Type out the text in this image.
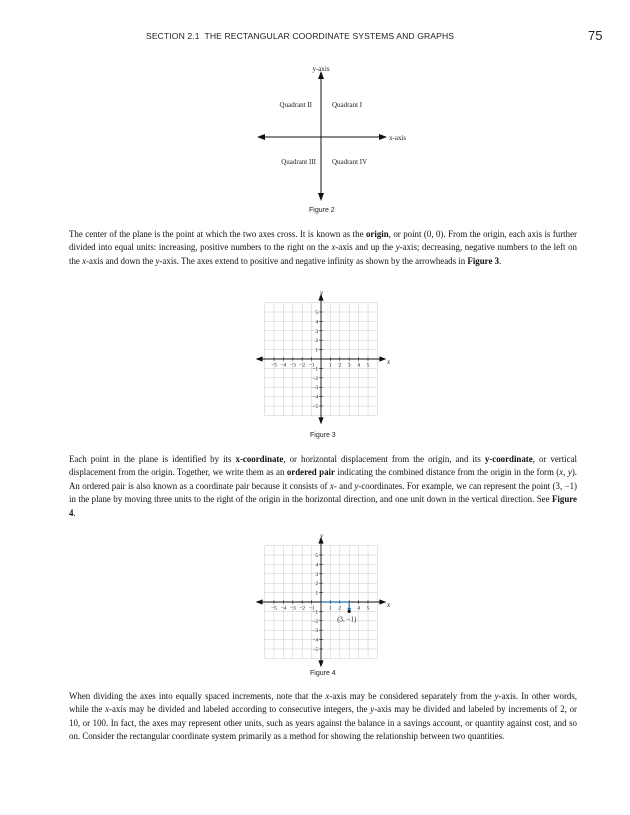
SECTION 2.1 THE RECTANGULAR COORDINATE SYSTEMS AND GRAPHS	75
y-axis
x-axis
Quadrant II	Quadrant I
Quadrant III Quadrant IV
Figure 2

The center of the plane is the point at which the two axes cross. It is known as the origin, or point (0, 0). From the origin, each axis is further divided into equal units: increasing, positive numbers to the right on the x-axis and up the y-axis; decreasing, negative numbers to the left on the x-axis and down the y-axis. The axes extend to positive and negative infinity as shown by the arrowheads in Figure 3.

−5 −4 −3 −2 −1	1 2 3 4 5
5
4
3
2
1
−1
−2
−3
−4
−5
x
y
Figure 3

Each point in the plane is identified by its x-coordinate, or horizontal displacement from the origin, and its y-coordinate, or vertical displacement from the origin. Together, we write them as an ordered pair indicating the combined distance from the origin in the form (x, y). An ordered pair is also known as a coordinate pair because it consists of x- and y-coordinates. For example, we can represent the point (3, −1) in the plane by moving three units to the right of the origin in the horizontal direction, and one unit down in the vertical direction. See Figure 4.

−5 −4 −3 −2 −1	1 2	4 5
5
4
3
2
1
−1
−2
−3
−4
−5
x
y
(3, −1)
Figure 4

When dividing the axes into equally spaced increments, note that the x-axis may be considered separately from the y-axis. In other words, while the x-axis may be divided and labeled according to consecutive integers, the y-axis may be divided and labeled by increments of 2, or 10, or 100. In fact, the axes may represent other units, such as years against the balance in a savings account, or quantity against cost, and so on. Consider the rectangular coordinate system primarily as a method for showing the relationship between two quantities.
